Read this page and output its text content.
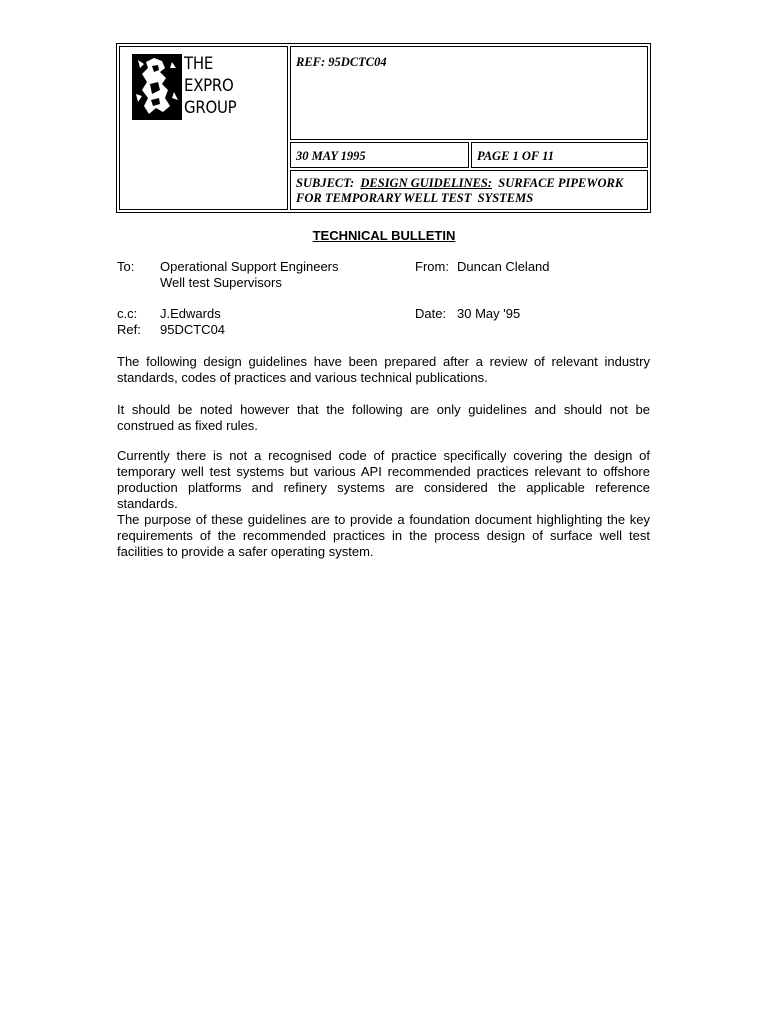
THE
EXPRO
GROUP
REF: 95DCTC04
30 MAY 1995	PAGE 1 OF 11
SUBJECT:  DESIGN GUIDELINES:  SURFACE PIPEWORK
FOR TEMPORARY WELL TEST  SYSTEMS
TECHNICAL BULLETIN
To: Operational Support Engineers
Well test Supervisors
From: Duncan Cleland
c.c: J.Edwards
Ref: 95DCTC04
Date: 30 May '95

The following design guidelines have been prepared after a review of relevant industry standards, codes of practices and various technical publications.

It should be noted however that the following are only guidelines and should not be construed as fixed rules.

Currently there is not a recognised code of practice specifically covering the design of temporary well test systems but various API recommended practices relevant to offshore production platforms and refinery systems are considered the applicable reference standards.

The purpose of these guidelines are to provide a foundation document highlighting the key requirements of the recommended practices in the process design of surface well test facilities to provide a safer operating system.
